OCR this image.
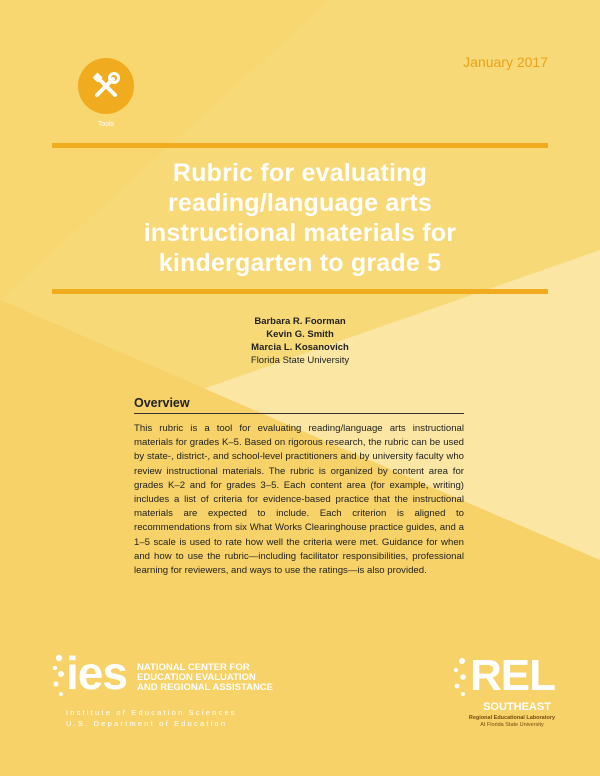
January 2017
Tools
Rubric for evaluating
reading/language arts
instructional materials for
kindergarten to grade 5
Barbara R. Foorman
Kevin G. Smith
Marcia L. Kosanovich
Florida State University
Overview
This rubric is a tool for evaluating reading/language arts instructional materials for grades K–5. Based on rigorous research, the rubric can be used by state-, district-, and school-level practitioners and by university faculty who review instructional materials. The rubric is organized by content area for grades K–2 and for grades 3–5. Each content area (for example, writing) includes a list of criteria for evidence-based practice that the instructional materials are expected to include. Each criterion is aligned to recommendations from six What Works Clearinghouse practice guides, and a 1–5 scale is used to rate how well the criteria were met. Guidance for when and how to use the rubric—including facilitator responsibilities, professional learning for reviewers, and ways to use the ratings—is also provided.
ies NATIONAL CENTER FOR
EDUCATION EVALUATION
AND REGIONAL ASSISTANCE
Institute of Education Sciences
U.S. Department of Education
REL
SOUTHEAST
Regional Educational Laboratory
At Florida State University
